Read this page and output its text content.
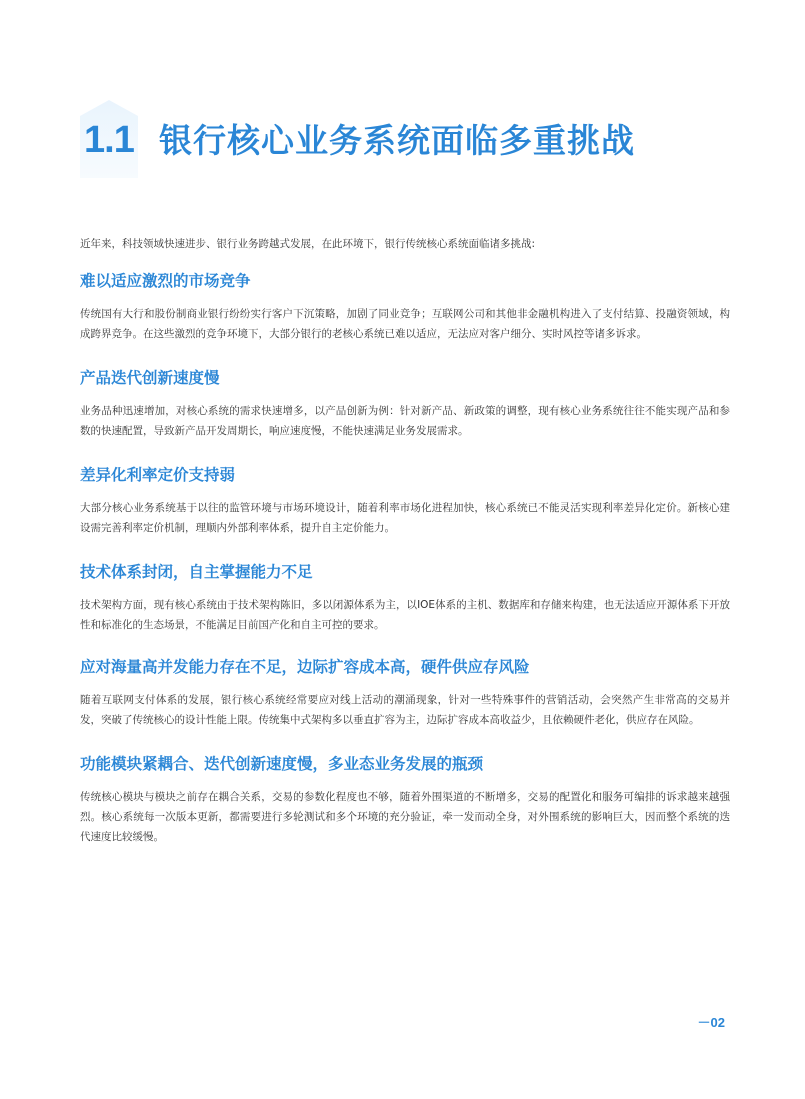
1.1 银行核心业务系统面临多重挑战

近年来，科技领域快速进步、银行业务跨越式发展，在此环境下，银行传统核心系统面临诸多挑战:

难以适应激烈的市场竞争

传统国有大行和股份制商业银行纷纷实行客户下沉策略，加剧了同业竞争；互联网公司和其他非金融机构进入了支付结算、投融资领域，构成跨界竞争。在这些激烈的竞争环境下，大部分银行的老核心系统已难以适应，无法应对客户细分、实时风控等诸多诉求。

产品迭代创新速度慢

业务品种迅速增加，对核心系统的需求快速增多，以产品创新为例：针对新产品、新政策的调整，现有核心业务系统往往不能实现产品和参数的快速配置，导致新产品开发周期长，响应速度慢，不能快速满足业务发展需求。

差异化利率定价支持弱

大部分核心业务系统基于以往的监管环境与市场环境设计，随着利率市场化进程加快，核心系统已不能灵活实现利率差异化定价。新核心建设需完善利率定价机制，理顺内外部利率体系，提升自主定价能力。

技术体系封闭，自主掌握能力不足

技术架构方面，现有核心系统由于技术架构陈旧，多以闭源体系为主，以IOE体系的主机、数据库和存储来构建，也无法适应开源体系下开放性和标准化的生态场景，不能满足目前国产化和自主可控的要求。

应对海量高并发能力存在不足，边际扩容成本高，硬件供应存风险

随着互联网支付体系的发展，银行核心系统经常要应对线上活动的潮涌现象，针对一些特殊事件的营销活动，会突然产生非常高的交易并发，突破了传统核心的设计性能上限。传统集中式架构多以垂直扩容为主，边际扩容成本高收益少，且依赖硬件老化，供应存在风险。

功能模块紧耦合、迭代创新速度慢，多业态业务发展的瓶颈

传统核心模块与模块之前存在耦合关系，交易的参数化程度也不够，随着外围渠道的不断增多，交易的配置化和服务可编排的诉求越来越强烈。核心系统每一次版本更新，都需要进行多轮测试和多个环境的充分验证，牵一发而动全身，对外围系统的影响巨大，因而整个系统的迭代速度比较缓慢。

－02
